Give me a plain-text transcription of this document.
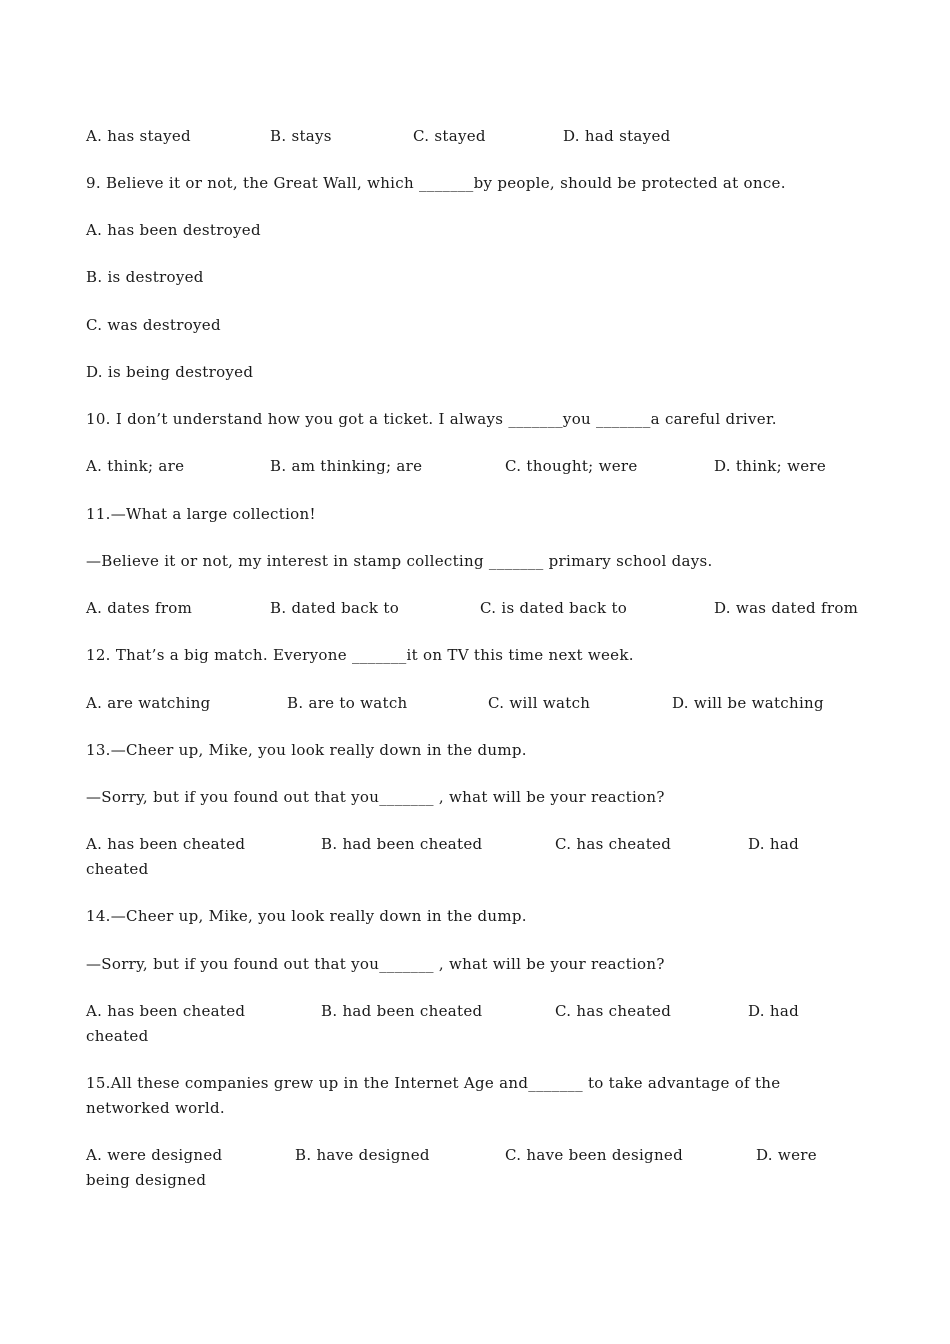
A. has stayed	B. stays	C. stayed	D. had stayed
9. Believe it or not, the Great Wall, which _______by people, should be protected at once.
A. has been destroyed
B. is destroyed
C. was destroyed
D. is being destroyed
10. I don’t understand how you got a ticket. I always _______you _______a careful driver.
A. think; are	B. am thinking; are	C. thought; were	D. think; were
11.—What a large collection!
—Believe it or not, my interest in stamp collecting _______ primary school days.
A. dates from	B. dated back to	C. is dated back to	D. was dated from
12. That’s a big match. Everyone _______it on TV this time next week.
A. are watching	B. are to watch	C. will watch	D. will be watching
13.—Cheer up, Mike, you look really down in the dump.
—Sorry, but if you found out that you_______ , what will be your reaction?
A. has been cheated	B. had been cheated	C. has cheated	D. had
cheated
14.—Cheer up, Mike, you look really down in the dump.
—Sorry, but if you found out that you_______ , what will be your reaction?
A. has been cheated	B. had been cheated	C. has cheated	D. had
cheated
15.All these companies grew up in the Internet Age and_______ to take advantage of the
networked world.
A. were designed	B. have designed	C. have been designed	D. were
being designed
